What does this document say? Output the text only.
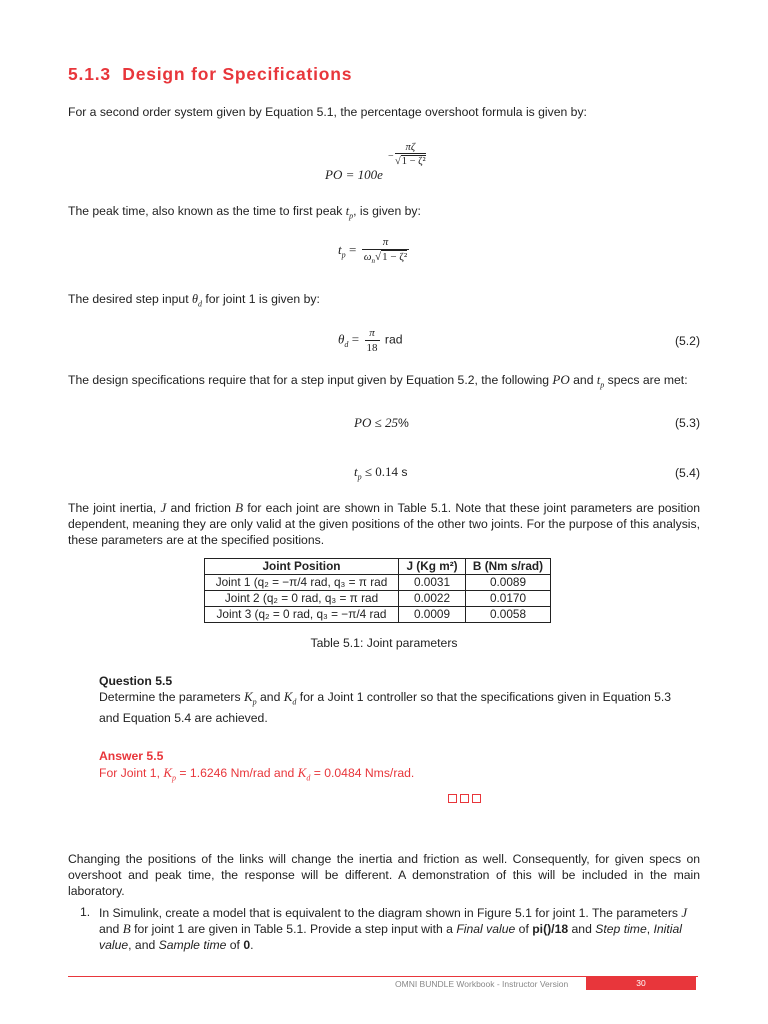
5.1.3 Design for Specifications
For a second order system given by Equation 5.1, the percentage overshoot formula is given by:
PO = 100e
−
πζ
√1 − ζ²
The peak time, also known as the time to first peak $t_p$, is given by:
$t_p = \frac{\pi}{\omega_n√1 - \zeta^2}$
The desired step input $\theta_d$ for joint 1 is given by:
$\theta_d = \frac{\pi}{18}$ rad	(5.2)
The design specifications require that for a step input given by Equation 5.2, the following PO and $t_p$ specs are met:
PO ≤ 25%	(5.3)
$t_p \le 0.14$ s	(5.4)
The joint inertia, J and friction B for each joint are shown in Table 5.1. Note that these joint parameters are position dependent, meaning they are only valid at the given positions of the other two joints. For the purpose of this analysis, these parameters are at the specified positions.
Joint Position	J (Kg m²)	B (Nm s/rad)
Joint 1 (q₂ = −π/4 rad, q₃ = π rad	0.0031	0.0089
Joint 2 (q₂ = 0 rad, q₃ = π rad	0.0022	0.0170
Joint 3 (q₂ = 0 rad, q₃ = −π/4 rad	0.0009	0.0058
Table 5.1: Joint parameters
Question 5.5
Determine the parameters $K_p$ and $K_d$ for a Joint 1 controller so that the specifications given in Equation 5.3 and Equation 5.4 are achieved.
Answer 5.5
For Joint 1, $K_p = 1.6246$ Nm/rad and $K_d = 0.0484$ Nms/rad.
Changing the positions of the links will change the inertia and friction as well. Consequently, for given specs on overshoot and peak time, the response will be different. A demonstration of this will be included in the main laboratory.
1. In Simulink, create a model that is equivalent to the diagram shown in Figure 5.1 for joint 1. The parameters J and B for joint 1 are given in Table 5.1. Provide a step input with a Final value of pi()/18 and Step time, Initial value, and Sample time of 0.
OMNI BUNDLE Workbook - Instructor Version	30
